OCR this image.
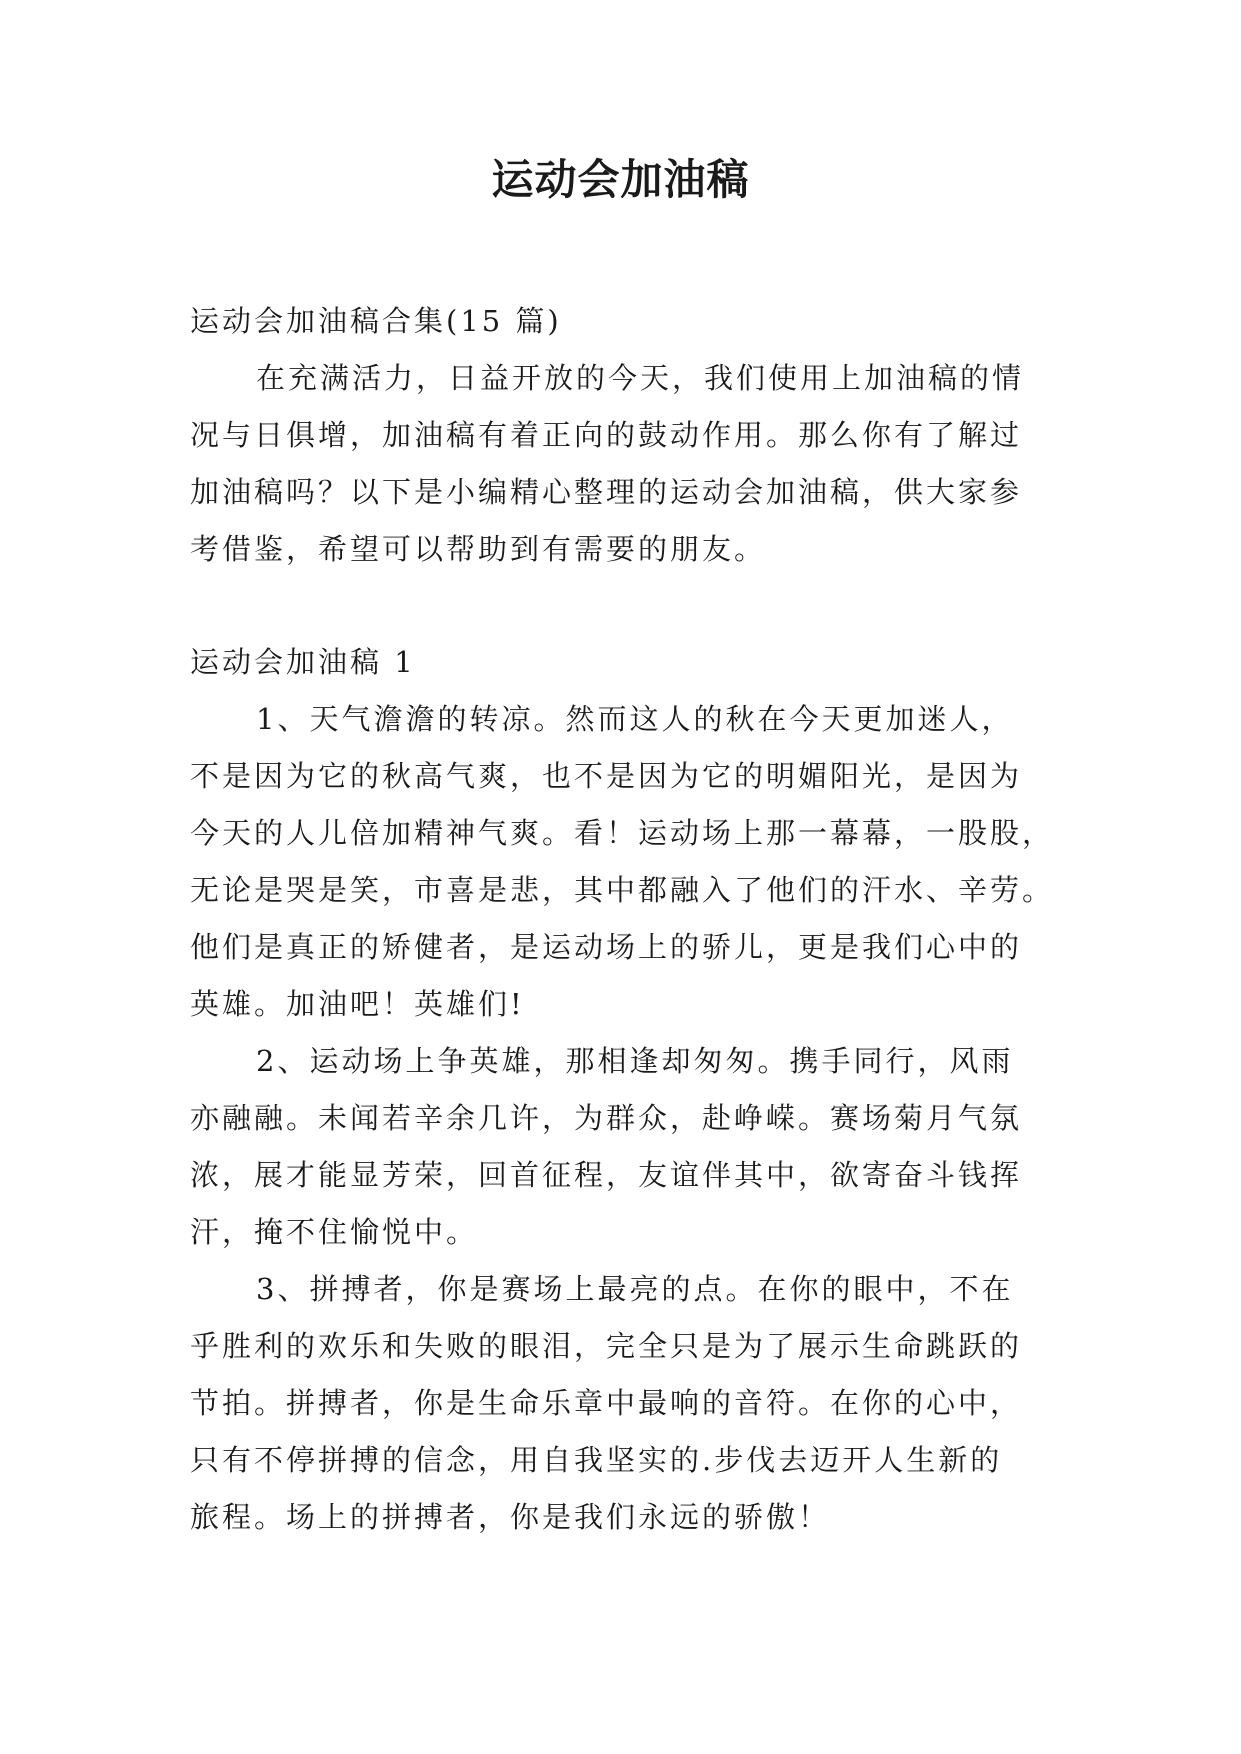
运动会加油稿
运动会加油稿合集(15 篇)
在充满活力，日益开放的今天，我们使用上加油稿的情
况与日俱增，加油稿有着正向的鼓动作用。那么你有了解过
加油稿吗？以下是小编精心整理的运动会加油稿，供大家参
考借鉴，希望可以帮助到有需要的朋友。
运动会加油稿 1
1、天气澹澹的转凉。然而这人的秋在今天更加迷人，
不是因为它的秋高气爽，也不是因为它的明媚阳光，是因为
今天的人儿倍加精神气爽。看！运动场上那一幕幕，一股股，
无论是哭是笑，市喜是悲，其中都融入了他们的汗水、辛劳。
他们是真正的矫健者，是运动场上的骄儿，更是我们心中的
英雄。加油吧！英雄们!
2、运动场上争英雄，那相逢却匆匆。携手同行，风雨
亦融融。未闻若辛余几许，为群众，赴峥嵘。赛场菊月气氛
浓，展才能显芳荣，回首征程，友谊伴其中，欲寄奋斗钱挥
汗，掩不住愉悦中。
3、拼搏者，你是赛场上最亮的点。在你的眼中，不在
乎胜利的欢乐和失败的眼泪，完全只是为了展示生命跳跃的
节拍。拼搏者，你是生命乐章中最响的音符。在你的心中，
只有不停拼搏的信念，用自我坚实的.步伐去迈开人生新的
旅程。场上的拼搏者，你是我们永远的骄傲！
